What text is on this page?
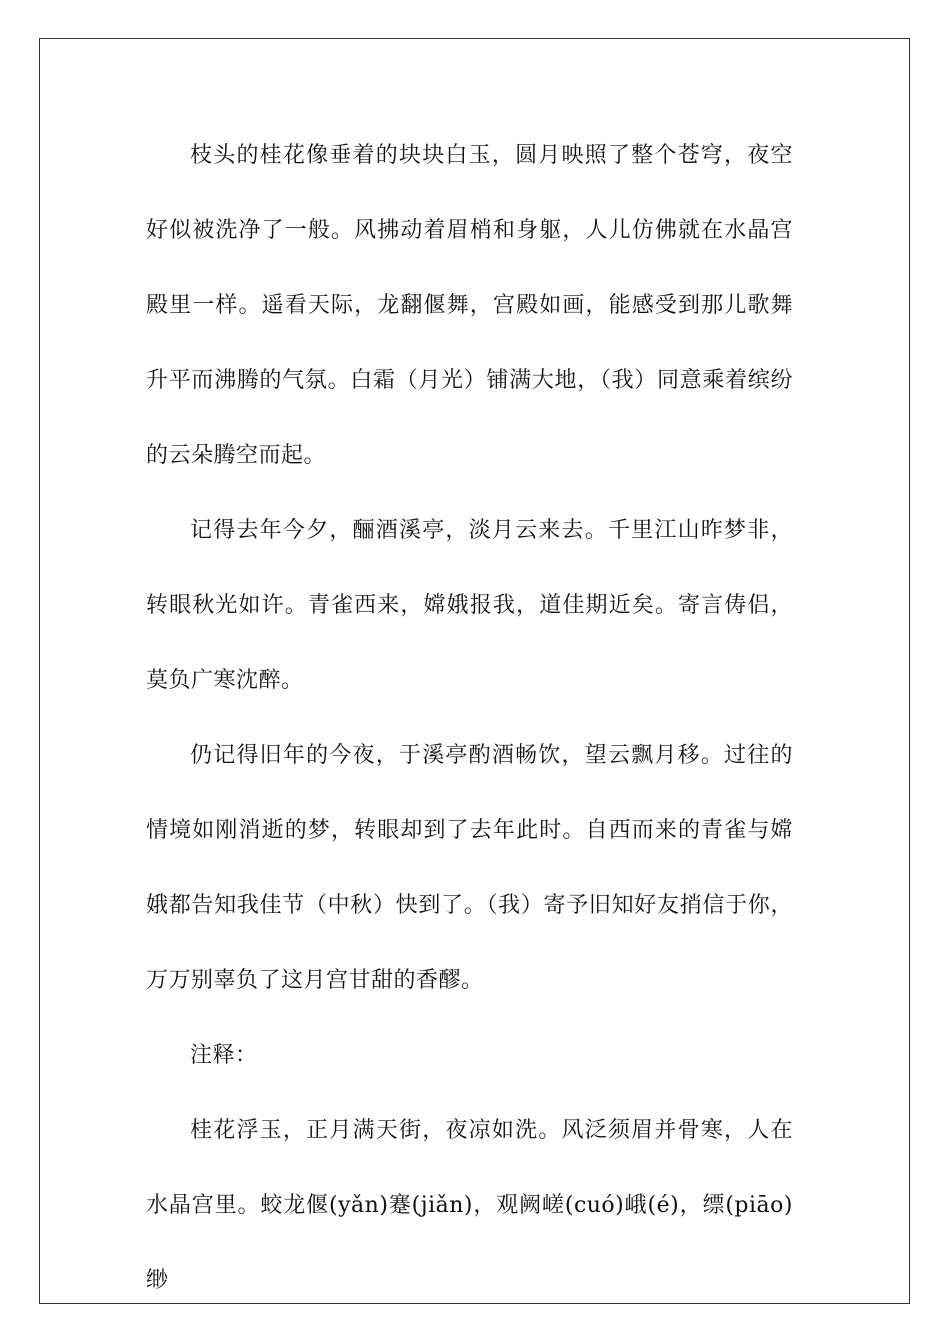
枝头的桂花像垂着的块块白玉，圆月映照了整个苍穹，夜空好似被洗净了一般。风拂动着眉梢和身躯，人儿仿佛就在水晶宫殿里一样。遥看天际，龙翻偃舞，宫殿如画，能感受到那儿歌舞升平而沸腾的气氛。白霜（月光）铺满大地，（我）同意乘着缤纷的云朵腾空而起。

记得去年今夕，酾酒溪亭，淡月云来去。千里江山昨梦非，转眼秋光如许。青雀西来，嫦娥报我，道佳期近矣。寄言俦侣，莫负广寒沈醉。

仍记得旧年的今夜，于溪亭酌酒畅饮，望云飘月移。过往的情境如刚消逝的梦，转眼却到了去年此时。自西而来的青雀与嫦娥都告知我佳节（中秋）快到了。（我）寄予旧知好友捎信于你，万万别辜负了这月宫甘甜的香醪。

注释：

桂花浮玉，正月满天街，夜凉如洗。风泛须眉并骨寒，人在水晶宫里。蛟龙偃(yǎn)蹇(jiǎn)，观阙嵯(cuó)峨(é)，缥(piāo)缈
